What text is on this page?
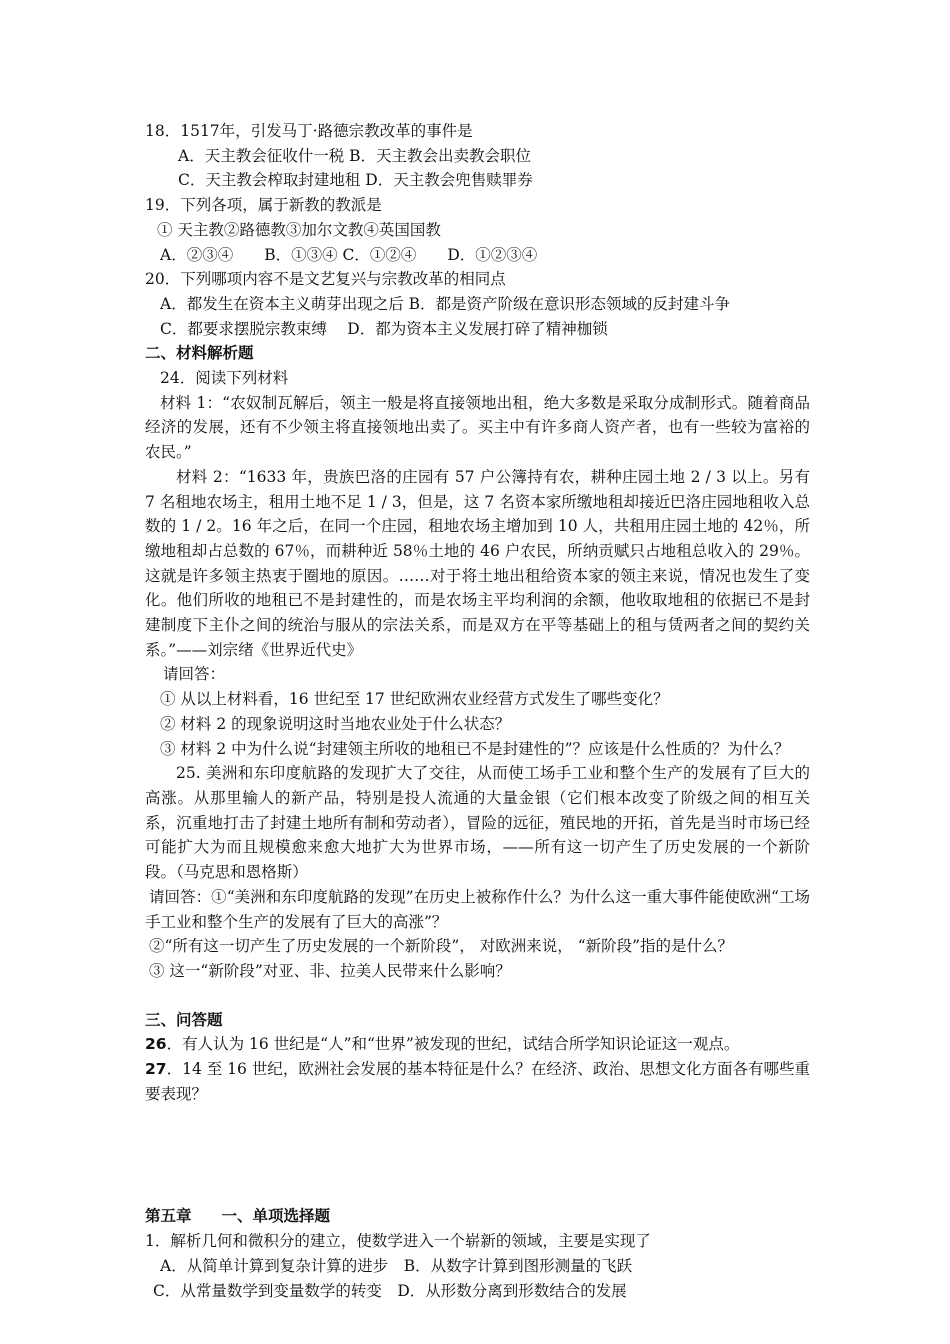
18．1517年，引发马丁·路德宗教改革的事件是
A．天主教会征收什一税 B．天主教会出卖教会职位
C．天主教会榨取封建地租 D．天主教会兜售赎罪券
19．下列各项，属于新教的教派是
① 天主教②路德教③加尔文教④英国国教
A．②③④　　B．①③④ C．①②④　　D．①②③④
20．下列哪项内容不是文艺复兴与宗教改革的相同点
A．都发生在资本主义萌芽出现之后 B．都是资产阶级在意识形态领域的反封建斗争
C．都要求摆脱宗教束缚　 D．都为资本主义发展打碎了精神枷锁
二、材料解析题
24．阅读下列材料
材料 1：“农奴制瓦解后，领主一般是将直接领地出租，绝大多数是采取分成制形式。随着商品经济的发展，还有不少领主将直接领地出卖了。买主中有许多商人资产者，也有一些较为富裕的农民。”
材料 2：“1633 年，贵族巴洛的庄园有 57 户公簿持有农，耕种庄园土地 2 / 3 以上。另有 7 名租地农场主，租用土地不足 1 / 3，但是，这 7 名资本家所缴地租却接近巴洛庄园地租收入总数的 1 / 2。16 年之后，在同一个庄园，租地农场主增加到 10 人，共租用庄园土地的 42％，所缴地租却占总数的 67％，而耕种近 58％土地的 46 户农民，所纳贡赋只占地租总收入的 29％。这就是许多领主热衷于圈地的原因。……对于将土地出租给资本家的领主来说，情况也发生了变化。他们所收的地租已不是封建性的，而是农场主平均利润的余额，他收取地租的依据已不是封建制度下主仆之间的统治与服从的宗法关系，而是双方在平等基础上的租与赁两者之间的契约关系。”——刘宗绪《世界近代史》
请回答：
① 从以上材料看，16 世纪至 17 世纪欧洲农业经营方式发生了哪些变化？
② 材料 2 的现象说明这时当地农业处于什么状态？
③ 材料 2 中为什么说“封建领主所收的地租已不是封建性的”？应该是什么性质的？为什么？
25. 美洲和东印度航路的发现扩大了交往，从而使工场手工业和整个生产的发展有了巨大的高涨。从那里输人的新产品，特别是投人流通的大量金银（它们根本改变了阶级之间的相互关系，沉重地打击了封建土地所有制和劳动者），冒险的远征，殖民地的开拓，首先是当时市场已经可能扩大为而且规模愈来愈大地扩大为世界市场，——所有这一切产生了历史发展的一个新阶段。（马克思和恩格斯）
请回答：①“美洲和东印度航路的发现”在历史上被称作什么？为什么这一重大事件能使欧洲“工场手工业和整个生产的发展有了巨大的高涨”？
②“所有这一切产生了历史发展的一个新阶段”， 对欧洲来说， “新阶段”指的是什么？
③ 这一“新阶段”对亚、非、拉美人民带来什么影响？
三、问答题
26．有人认为 16 世纪是“人”和“世界”被发现的世纪，试结合所学知识论证这一观点。
27．14 至 16 世纪，欧洲社会发展的基本特征是什么？在经济、政治、思想文化方面各有哪些重要表现？
第五章 一、单项选择题
1．解析几何和微积分的建立，使数学进入一个崭新的领域，主要是实现了
A．从简单计算到复杂计算的进步　B．从数字计算到图形测量的飞跃
C．从常量数学到变量数学的转变　D．从形数分离到形数结合的发展
